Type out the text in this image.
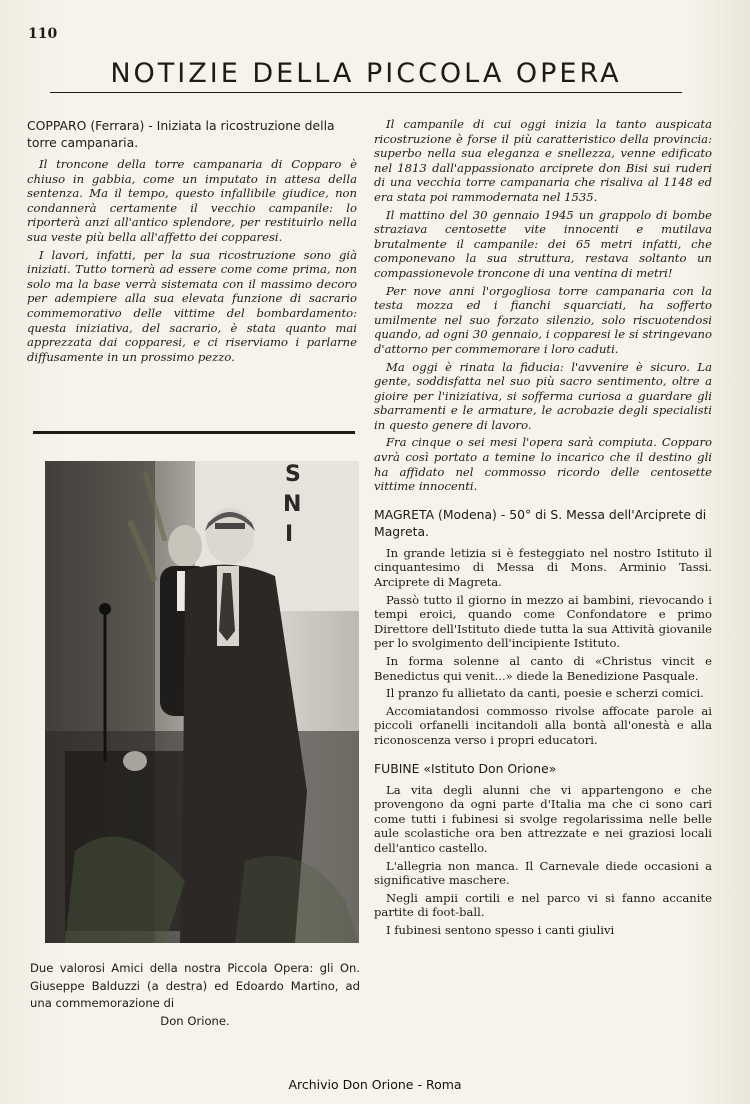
110
NOTIZIE DELLA PICCOLA OPERA
COPPARO (Ferrara) - Iniziata la ricostruzione della torre campanaria.

Il troncone della torre campanaria di Copparo è chiuso in gabbia, come un imputato in attesa della sentenza. Ma il tempo, questo infallibile giudice, non condannerà certamente il vecchio campanile: lo riporterà anzi all'antico splendore, per restituirlo nella sua veste più bella all'affetto dei copparesi.

I lavori, infatti, per la sua ricostruzione sono già iniziati. Tutto tornerà ad essere come come prima, non solo ma la base verrà sistemata con il massimo decoro per adempiere alla sua elevata funzione di sacrario commemorativo delle vittime del bombardamento: questa iniziativa, del sacrario, è stata quanto mai apprezzata dai copparesi, e ci riserviamo i parlarne diffusamente in un prossimo pezzo.

S
N
I
Due valorosi Amici della nostra Piccola Opera: gli On. Giuseppe Balduzzi (a destra) ed Edoardo Martino, ad una commemorazione di
Don Orione.

Il campanile di cui oggi inizia la tanto auspicata ricostruzione è forse il più caratteristico della provincia: superbo nella sua eleganza e snellezza, venne edificato nel 1813 dall'appassionato arciprete don Bisi sui ruderi di una vecchia torre campanaria che risaliva al 1148 ed era stata poi rammodernata nel 1535.

Il mattino del 30 gennaio 1945 un grappolo di bombe straziava centosette vite innocenti e mutilava brutalmente il campanile: dei 65 metri infatti, che componevano la sua struttura, restava soltanto un compassionevole troncone di una ventina di metri!

Per nove anni l'orgogliosa torre campanaria con la testa mozza ed i fianchi squarciati, ha sofferto umilmente nel suo forzato silenzio, solo riscuotendosi quando, ad ogni 30 gennaio, i copparesi le si stringevano d'attorno per commemorare i loro caduti.

Ma oggi è rinata la fiducia: l'avvenire è sicuro. La gente, soddisfatta nel suo più sacro sentimento, oltre a gioire per l'iniziativa, si sofferma curiosa a guardare gli sbarramenti e le armature, le acrobazie degli specialisti in questo genere di lavoro.

Fra cinque o sei mesi l'opera sarà compiuta. Copparo avrà così portato a temine lo incarico che il destino gli ha affidato nel commosso ricordo delle centosette vittime innocenti.

MAGRETA (Modena) - 50° di S. Messa dell'Arciprete di Magreta.

In grande letizia si è festeggiato nel nostro Istituto il cinquantesimo di Messa di Mons. Arminio Tassi. Arciprete di Magreta.

Passò tutto il giorno in mezzo ai bambini, rievocando i tempi eroici, quando come Confondatore e primo Direttore dell'Istituto diede tutta la sua Attività giovanile per lo svolgimento dell'incipiente Istituto.

In forma solenne al canto di «Christus vincit e Benedictus qui venit...» diede la Benedizione Pasquale.

Il pranzo fu allietato da canti, poesie e scherzi comici.

Accomiatandosi commosso rivolse affocate parole ai piccoli orfanelli incitandoli alla bontà all'onestà e alla riconoscenza verso i propri educatori.

FUBINE «Istituto Don Orione»

La vita degli alunni che vi appartengono e che provengono da ogni parte d'Italia ma che ci sono cari come tutti i fubinesi si svolge regolarissima nelle belle aule scolastiche ora ben attrezzate e nei graziosi locali dell'antico castello.

L'allegria non manca. Il Carnevale diede occasioni a significative maschere.

Negli ampii cortili e nel parco vi si fanno accanite partite di foot-ball.

I fubinesi sentono spesso i canti giulivi

Archivio Don Orione - Roma
